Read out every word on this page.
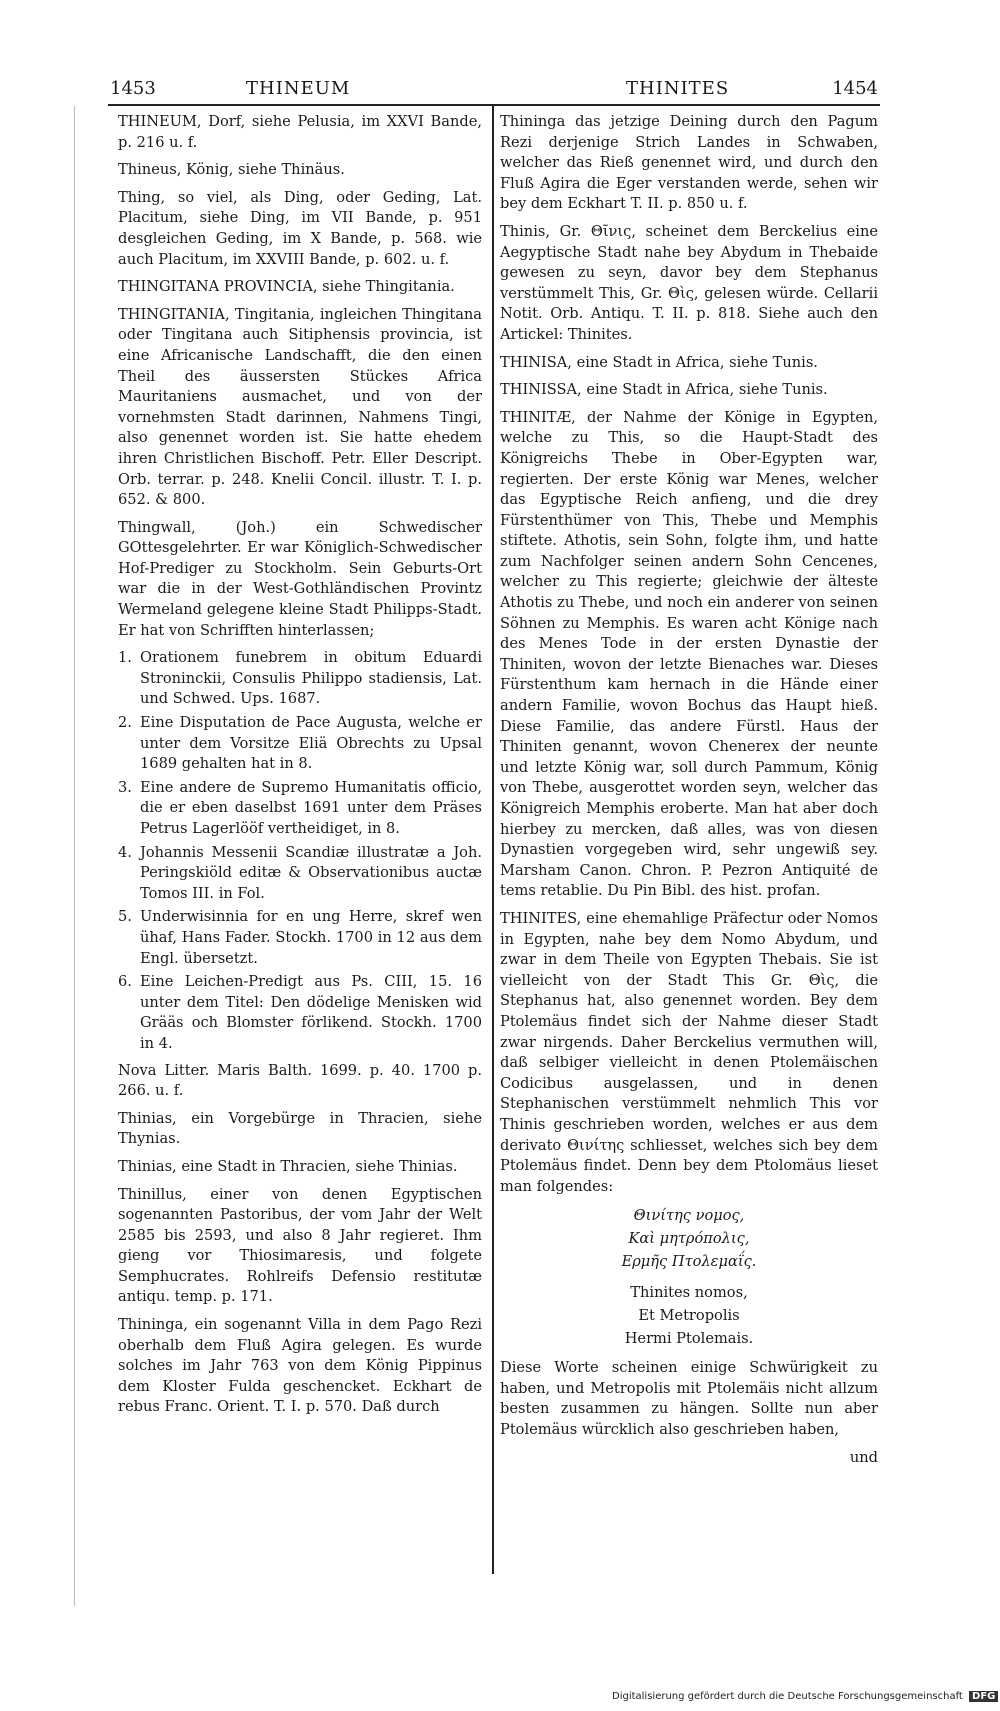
1453	THINEUM	THINITES	1454

THINEUM, Dorf, siehe Pelusia, im XXVI Bande, p. 216 u. f.

Thineus, König, siehe Thinäus.

Thing, so viel, als Ding, oder Geding, Lat. Placitum, siehe Ding, im VII Bande, p. 951 desgleichen Geding, im X Bande, p. 568. wie auch Placitum, im XXVIII Bande, p. 602. u. f.

THINGITANA PROVINCIA, siehe Thingitania.

THINGITANIA, Tingitania, ingleichen Thingitana oder Tingitana auch Sitiphensis provincia, ist eine Africanische Landschafft, die den einen Theil des äussersten Stückes Africa Mauritaniens ausmachet, und von der vornehmsten Stadt darinnen, Nahmens Tingi, also genennet worden ist. Sie hatte ehedem ihren Christlichen Bischoff. Petr. Eller Descript. Orb. terrar. p. 248. Knelii Concil. illustr. T. I. p. 652. & 800.

Thingwall, (Joh.) ein Schwedischer GOttesgelehrter. Er war Königlich-Schwedischer Hof-Prediger zu Stockholm. Sein Geburts-Ort war die in der West-Gothländischen Provintz Wermeland gelegene kleine Stadt Philipps-Stadt. Er hat von Schrifften hinterlassen;

1. Orationem funebrem in obitum Eduardi Stroninckii, Consulis Philippo stadiensis, Lat. und Schwed. Ups. 1687.
2. Eine Disputation de Pace Augusta, welche er unter dem Vorsitze Eliä Obrechts zu Upsal 1689 gehalten hat in 8.
3. Eine andere de Supremo Humanitatis officio, die er eben daselbst 1691 unter dem Präses Petrus Lagerlööf vertheidiget, in 8.
4. Johannis Messenii Scandiæ illustratæ a Joh. Peringskiöld editæ & Observationibus auctæ Tomos III. in Fol.
5. Underwisinnia for en ung Herre, skref wen ühaf, Hans Fader. Stockh. 1700 in 12 aus dem Engl. übersetzt.
6. Eine Leichen-Predigt aus Ps. CIII, 15. 16 unter dem Titel: Den dödelige Menisken wid Grääs och Blomster förlikend. Stockh. 1700 in 4.

Nova Litter. Maris Balth. 1699. p. 40. 1700 p. 266. u. f.

Thinias, ein Vorgebürge in Thracien, siehe Thynias.

Thinias, eine Stadt in Thracien, siehe Thinias.

Thinillus, einer von denen Egyptischen sogenannten Pastoribus, der vom Jahr der Welt 2585 bis 2593, und also 8 Jahr regieret. Ihm gieng vor Thiosimaresis, und folgete Semphucrates. Rohlreifs Defensio restitutæ antiqu. temp. p. 171.

Thininga, ein sogenannt Villa in dem Pago Rezi oberhalb dem Fluß Agira gelegen. Es wurde solches im Jahr 763 von dem König Pippinus dem Kloster Fulda geschencket. Eckhart de rebus Franc. Orient. T. I. p. 570. Daß durch

Thininga das jetzige Deining durch den Pagum Rezi derjenige Strich Landes in Schwaben, welcher das Rieß genennet wird, und durch den Fluß Agira die Eger verstanden werde, sehen wir bey dem Eckhart T. II. p. 850 u. f.

Thinis, Gr. Θῖνις, scheinet dem Berckelius eine Aegyptische Stadt nahe bey Abydum in Thebaide gewesen zu seyn, davor bey dem Stephanus verstümmelt This, Gr. Θὶς, gelesen würde. Cellarii Notit. Orb. Antiqu. T. II. p. 818. Siehe auch den Artickel: Thinites.

THINISA, eine Stadt in Africa, siehe Tunis.

THINISSA, eine Stadt in Africa, siehe Tunis.

THINITÆ, der Nahme der Könige in Egypten, welche zu This, so die Haupt-Stadt des Königreichs Thebe in Ober-Egypten war, regierten. Der erste König war Menes, welcher das Egyptische Reich anfieng, und die drey Fürstenthümer von This, Thebe und Memphis stiftete. Athotis, sein Sohn, folgte ihm, und hatte zum Nachfolger seinen andern Sohn Cencenes, welcher zu This regierte; gleichwie der älteste Athotis zu Thebe, und noch ein anderer von seinen Söhnen zu Memphis. Es waren acht Könige nach des Menes Tode in der ersten Dynastie der Thiniten, wovon der letzte Bienaches war. Dieses Fürstenthum kam hernach in die Hände einer andern Familie, wovon Bochus das Haupt hieß. Diese Familie, das andere Fürstl. Haus der Thiniten genannt, wovon Chenerex der neunte und letzte König war, soll durch Pammum, König von Thebe, ausgerottet worden seyn, welcher das Königreich Memphis eroberte. Man hat aber doch hierbey zu mercken, daß alles, was von diesen Dynastien vorgegeben wird, sehr ungewiß sey. Marsham Canon. Chron. P. Pezron Antiquité de tems retablie. Du Pin Bibl. des hist. profan.

THINITES, eine ehemahlige Präfectur oder Nomos in Egypten, nahe bey dem Nomo Abydum, und zwar in dem Theile von Egypten Thebais. Sie ist vielleicht von der Stadt This Gr. Θὶς, die Stephanus hat, also genennet worden. Bey dem Ptolemäus findet sich der Nahme dieser Stadt zwar nirgends. Daher Berckelius vermuthen will, daß selbiger vielleicht in denen Ptolemäischen Codicibus ausgelassen, und in denen Stephanischen verstümmelt nehmlich This vor Thinis geschrieben worden, welches er aus dem derivato Θινίτης schliesset, welches sich bey dem Ptolemäus findet. Denn bey dem Ptolomäus lieset man folgendes:

Θινίτης νομος,
Καὶ μητρόπολις,
Ερμῆς Πτολεμαΐς.
Thinites nomos,
Et Metropolis
Hermi Ptolemais.

Diese Worte scheinen einige Schwürigkeit zu haben, und Metropolis mit Ptolemäis nicht allzum besten zusammen zu hängen. Sollte nun aber Ptolemäus würcklich also geschrieben haben,

und
Digitalisierung gefördert durch die Deutsche Forschungsgemeinschaft DFG
